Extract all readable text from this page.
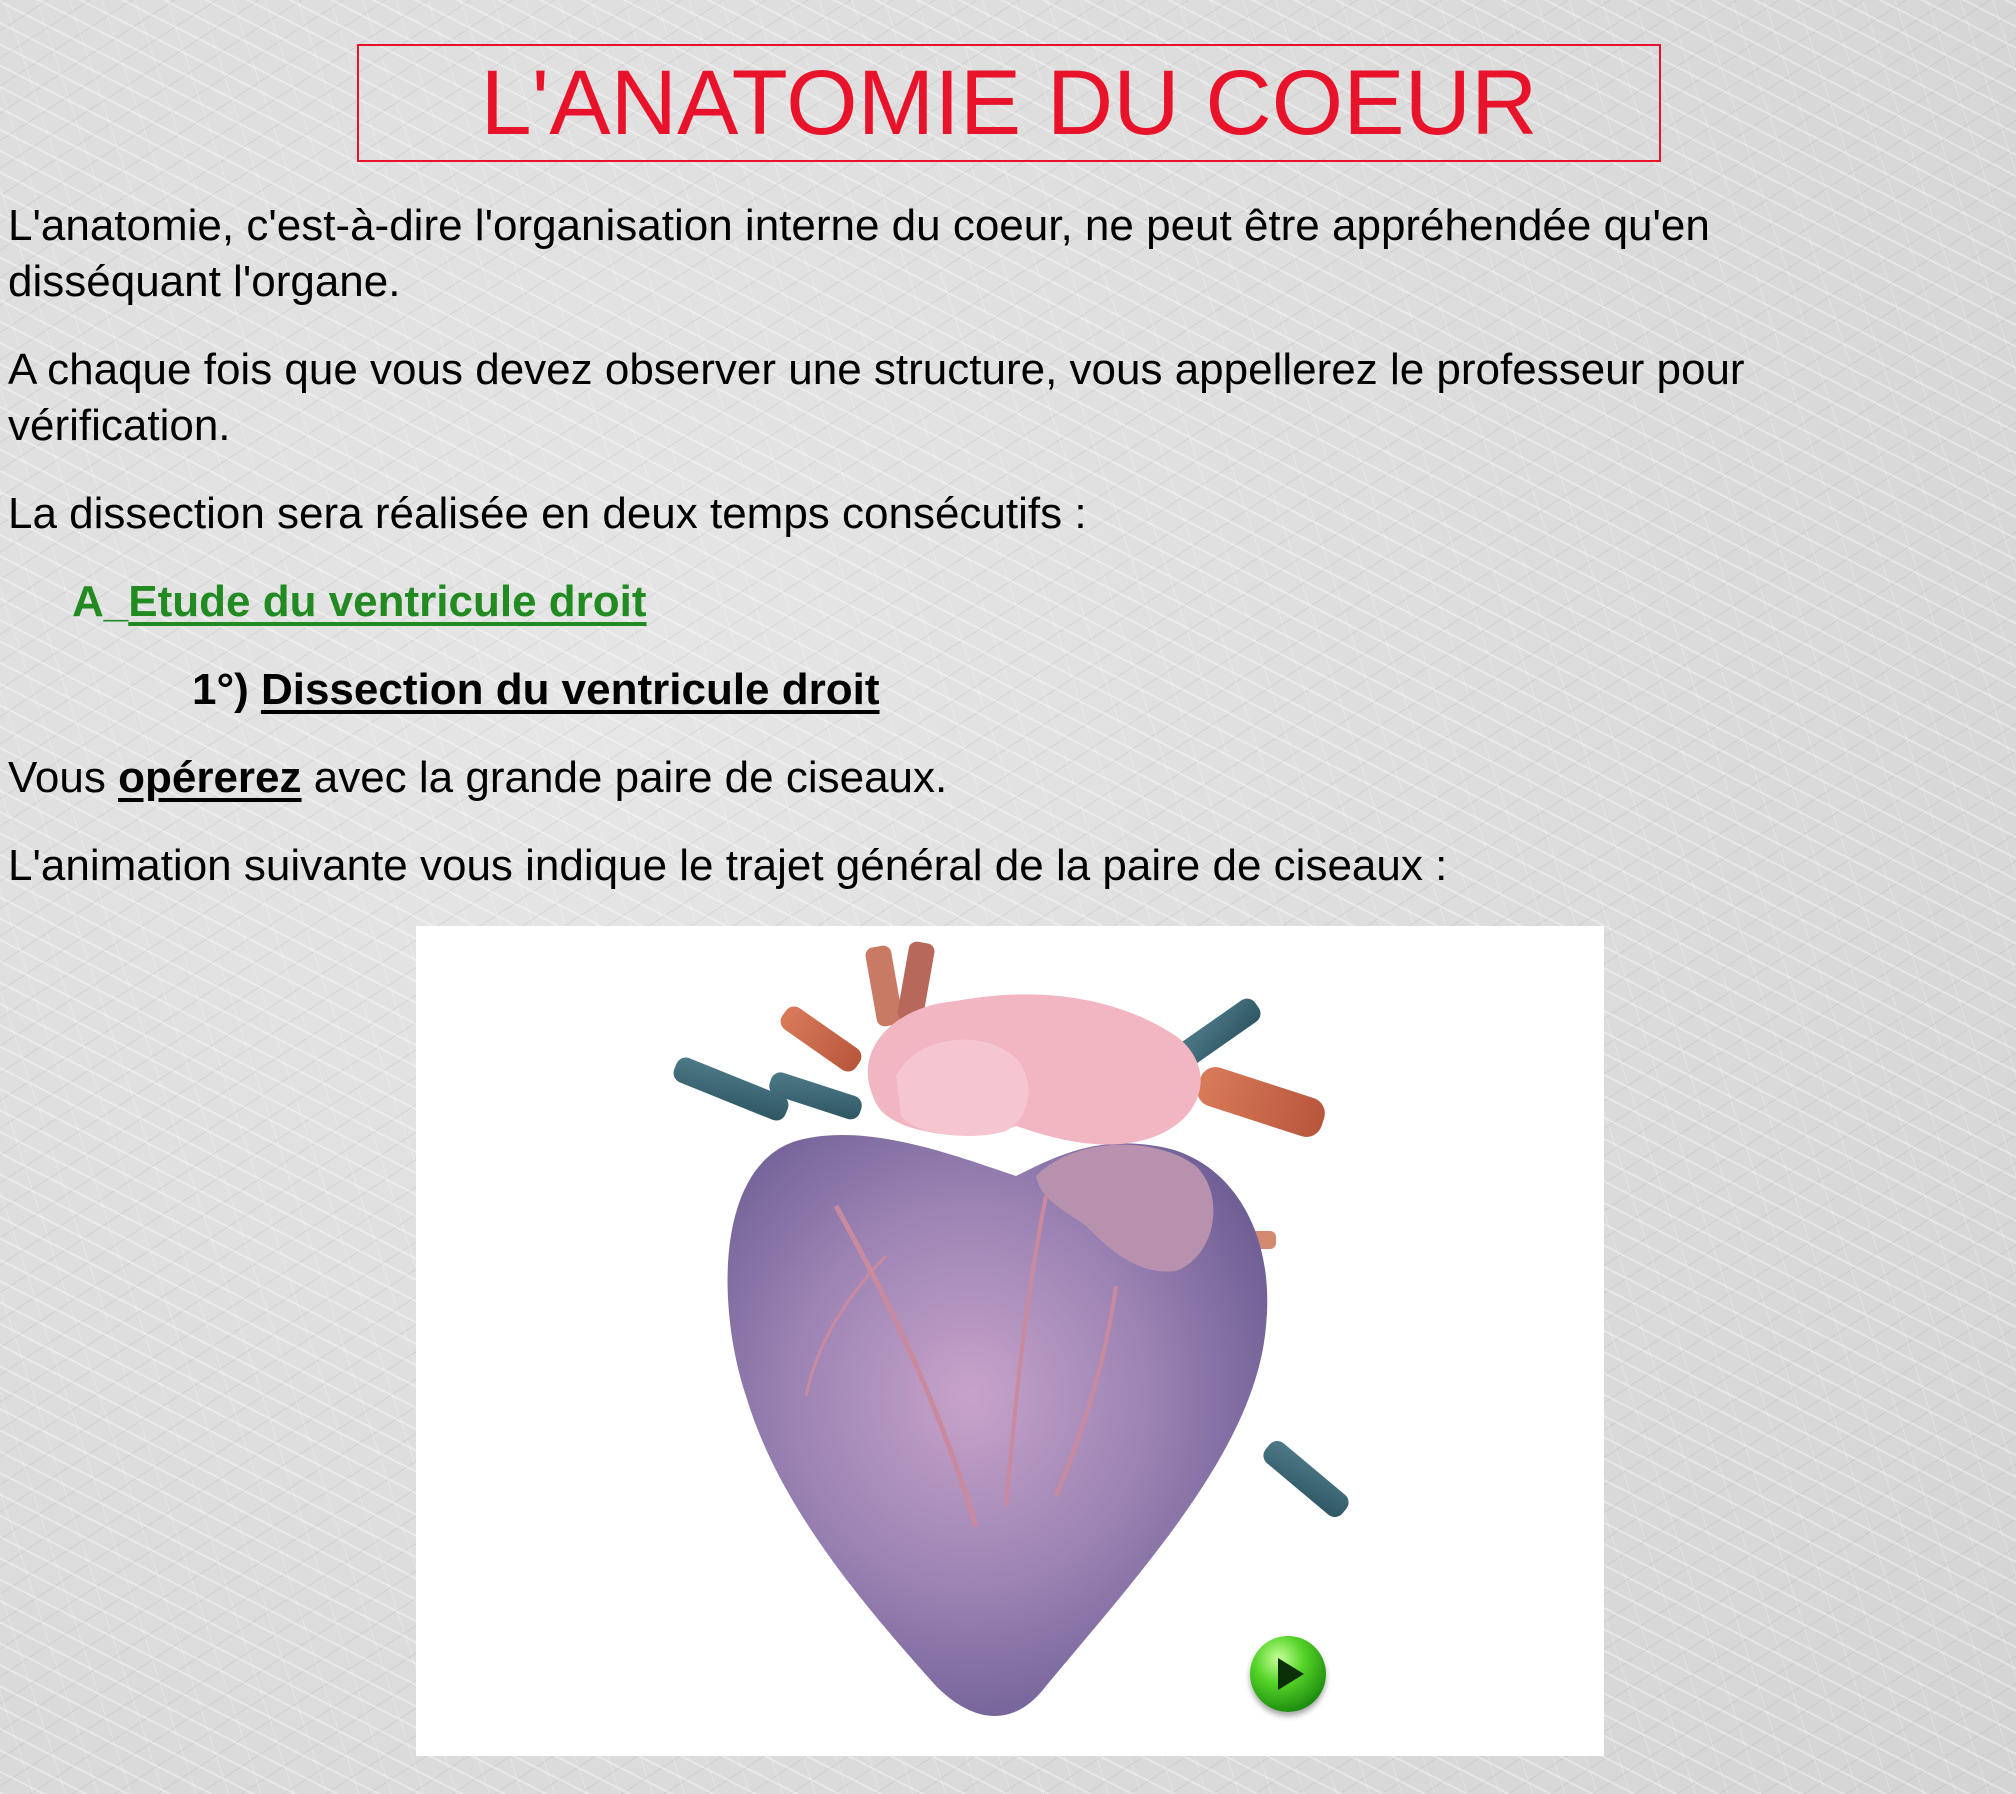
L'ANATOMIE DU COEUR

L'anatomie, c'est-à-dire l'organisation interne du coeur, ne peut être appréhendée qu'en
disséquant l'organe.

A chaque fois que vous devez observer une structure, vous appellerez le professeur pour
vérification.

La dissection sera réalisée en deux temps consécutifs :

A_Etude du ventricule droit
1°) Dissection du ventricule droit

Vous opérerez avec la grande paire de ciseaux.

L'animation suivante vous indique le trajet général de la paire de ciseaux :
